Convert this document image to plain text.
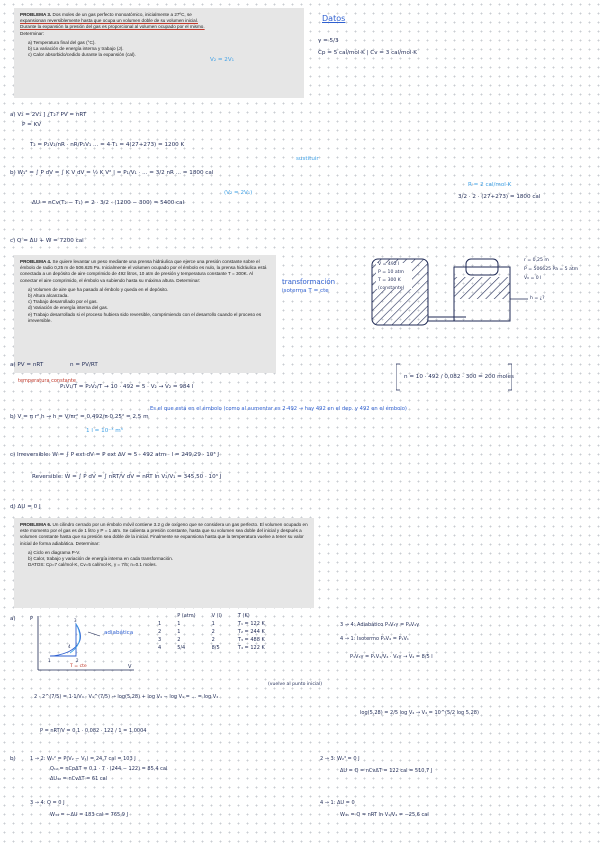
PROBLEMA 3. Dos moles de un gas perfecto monoatómico, inicialmente a 27ºC, se
expansionan reversiblemente hasta que ocupa un volumen doble de su volumen inicial.
Durante la expansión la presión del gas es proporcional al volumen ocupado por el mismo.
Determinar:
a) Temperatura final del gas (°C).
b) La variación de energía interna y trabajo (J).
c) Calor absorbido/cedido durante la expansión (cal).
V₂ = 2V₁
Datos
γ = 5/3
Cp = 5 cal/mol·K | Cv = 3 cal/mol·K
a) V₂ = 2V₁ ] ¿T₂? PV = nRT
P = KV
T₂ = P₂V₂/nR · nR/P₁V₁ ... = 4·T₁ = 4(27+273) = 1200 K
b) W₁² = ∫ P dV = ∫ K V dV = ½ K V² | = P₁/V₁ · ... = 3/2 nR ... = 1800 cal
sustituir
(V₂ = 2V₁)
R = 2 cal/mol·K
3/2 · 2 · (27+273) = 1800 cal
ΔU = nCv(T₂ − T₁) = 2 · 3/2 · (1200 − 300) = 5400 cal
c) Q = ΔU + W = 7200 cal
PROBLEMA 4. Se quiere levantar un peso mediante una prensa hidráulica que ejerce una presión constante sobre el émbolo de radio 0,25 m de 506.625 Pa. Inicialmente el volumen ocupado por el émbolo es nulo, la prensa hidráulica está conectada a un depósito de aire comprimido de 492 litros, 10 atm de presión y temperatura constante T = 300K. Al conectar el aire comprimido, el émbolo va subiendo hasta su máxima altura. Determinar:
a) Volumen de aire que ha pasado al émbolo y queda en el depósito.
b) Altura alcanzada.
c) Trabajo desarrollado por el gas.
d) Variación de energía interna del gas.
e) Trabajo desarrollado si el proceso hubiera sido reversible, comprimiendo con el desarrollo cuando el proceso es irreversible.
transformación
isoterma T = cte
V = 492 l
P = 10 atm
T = 300 K
(constante)
r = 0,25 m
P = 506625 Pa = 5 atm
V₀ = 0 l
h = ¿?
a) PV = nRT	n = PV/RT
temperatura constante
P₁V₁/T = P₂V₂/T → 10 · 492 = 5 · V₂ → V₂ = 984 l
n = 10 · 492 / 0,082 · 300 = 200 moles
b) V = π r² h → h = V/πr² = 0,492/π·0,25² = 2,5 m
Es el que está en el émbolo (como al aumentar es 2·492 → hay 492 en el dep. y 492 en el émbolo)
1 l = 10⁻³ m³
c) Irreversible: W = ∫ P ext dV = P ext ΔV = 5 · 492 atm · l = 249,29 · 10³ J
Reversible: W = ∫ P dV = ∫ nRT/V dV = nRT ln V₂/V₁ = 345,50 · 10³ J
d) ΔU = 0 J
PROBLEMA 6. Un cilindro cerrado por un émbolo móvil contiene 3.2 g de oxígeno que se considera un gas perfecto. El volumen ocupado en este momento por el gas es de 1 litro y P = 1 atm. Se calienta a presión constante, hasta que su volumen sea doble del inicial y después a volumen constante hasta que su presión sea doble de la inicial. Finalmente se expansiona hasta que la temperatura vuelve a tener su valor inicial de forma adiabática. Determinar:
a) Ciclo en diagrama P-V.
b) Calor, trabajo y variación de energía interna en cada transformación.
DATOS: Cp=7 cal/mol·K, Cv=5 cal/mol·K, γ = 7/5; n=0.1 moles.
a)	P
V
1	2
3
4
adiabática
T = cte
	P (atm)	V (l)	T (K)
1	1	1	T₁ = 122 K
2	1	2	T₂ = 244 K
3	2	2	T₃ = 488 K
4	5/4	8/5	T₄ = 122 K
(vuelve al punto inicial)
3 → 4: Adiabático P₃V₃γ = P₄V₄γ
4 → 1: Isotermo P₄V₄ = P₁V₁
P₃V₃γ = P₁V₁/V₄ · V₄γ → V₄ = 8/5 l
2 · 2^(7/5) = 1·1/V₄ · V₄^(7/5) → log(5,28) + log V₄ − log V₄ = ... = log V₄
log(5,28) = 2/5 log V₄ → V₄ = 10^(5/2 log 5,28)
P = nRT/V = 0,1 · 0,082 · 122 / 1 = 1,0004
b)	1 → 2: W₁² = P(V₂ − V₁) = 24,7 cal = 103 J
Q₁₂ = nCpΔT = 0,1 · 7 · (244 − 122) = 85,4 cal
ΔU₁₂ = nCvΔT = 61 cal
2 → 3: W₂³ = 0 J
ΔU = Q = nCvΔT = 122 cal = 510,7 J
3 → 4: Q = 0 J
W₃₄ = −ΔU = 183 cal = 765,9 J
4 → 1: ΔU = 0
W₄₁ = Q = nRT ln V₁/V₄ = −25,6 cal
